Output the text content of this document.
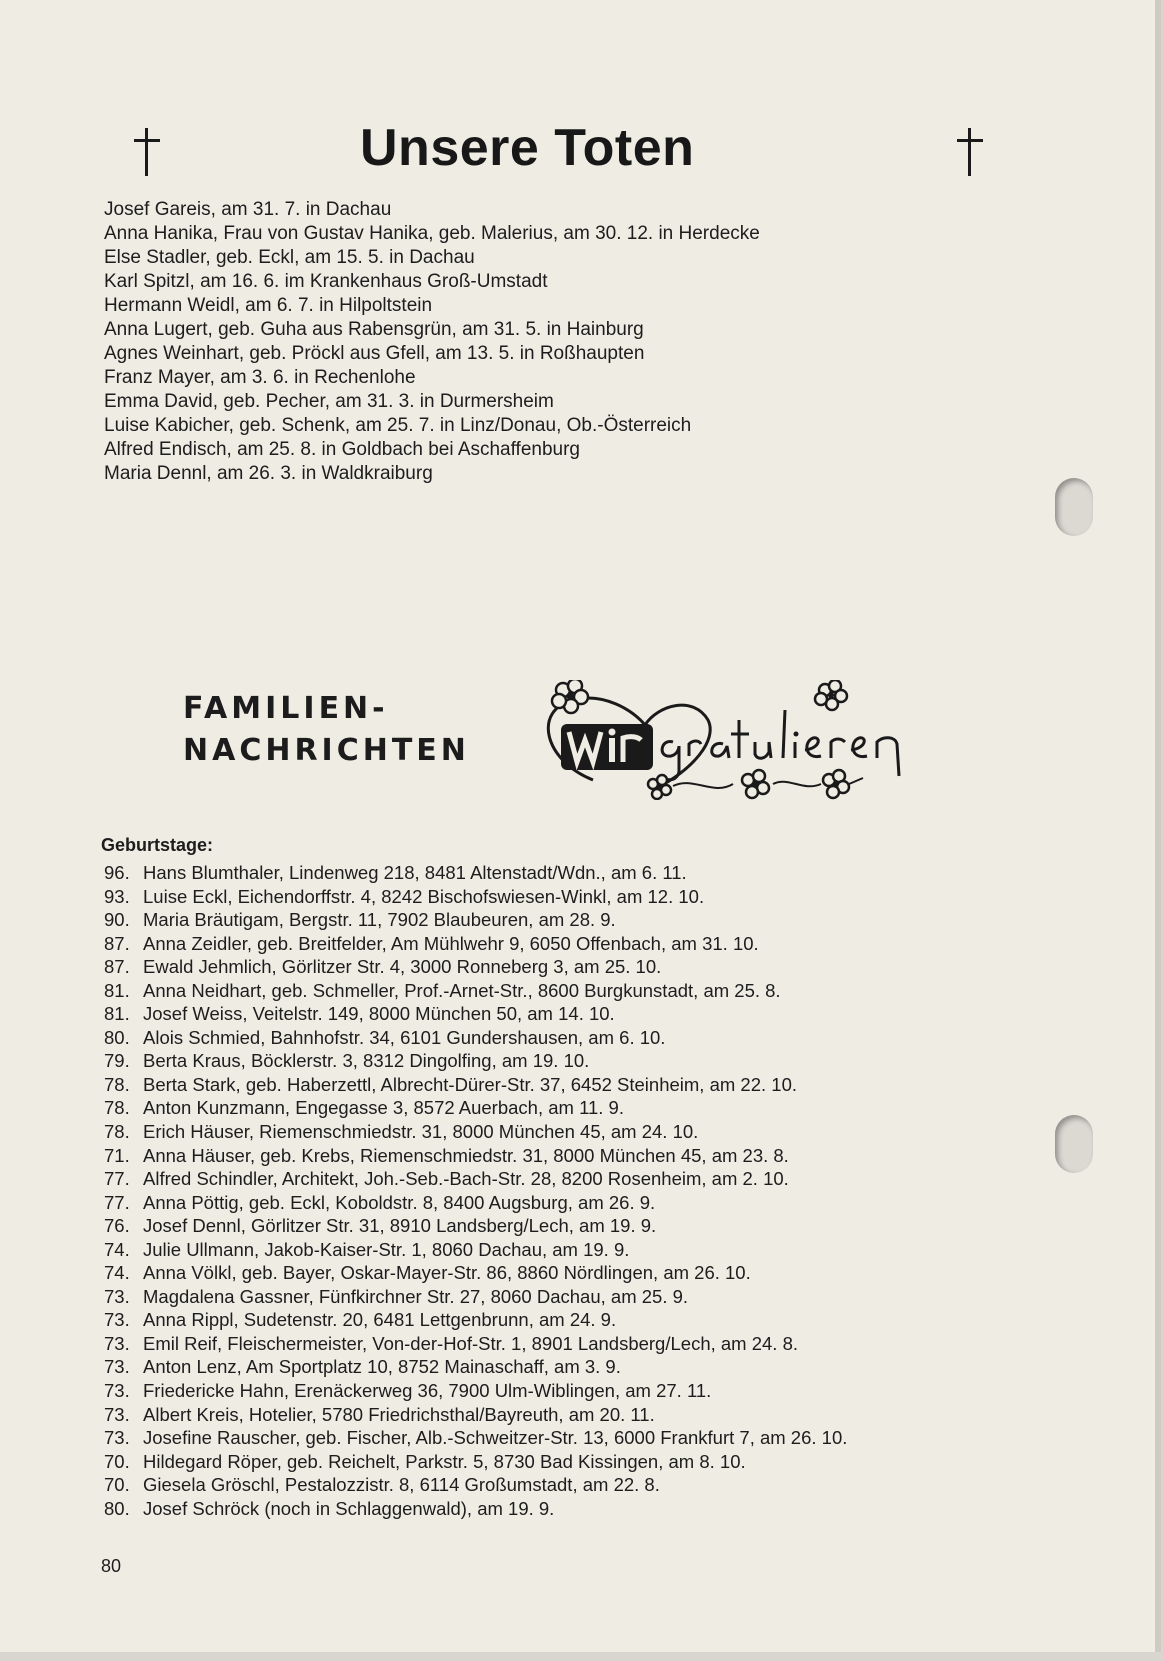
Unsere Toten
Josef Gareis, am 31. 7. in Dachau
Anna Hanika, Frau von Gustav Hanika, geb. Malerius, am 30. 12. in Herdecke
Else Stadler, geb. Eckl, am 15. 5. in Dachau
Karl Spitzl, am 16. 6. im Krankenhaus Groß-Umstadt
Hermann Weidl, am 6. 7. in Hilpoltstein
Anna Lugert, geb. Guha aus Rabensgrün, am 31. 5. in Hainburg
Agnes Weinhart, geb. Pröckl aus Gfell, am 13. 5. in Roßhaupten
Franz Mayer, am 3. 6. in Rechenlohe
Emma David, geb. Pecher, am 31. 3. in Durmersheim
Luise Kabicher, geb. Schenk, am 25. 7. in Linz/Donau, Ob.-Österreich
Alfred Endisch, am 25. 8. in Goldbach bei Aschaffenburg
Maria Dennl, am 26. 3. in Waldkraiburg
FAMILIEN-
NACHRICHTEN
Geburtstage:
96. Hans Blumthaler, Lindenweg 218, 8481 Altenstadt/Wdn., am 6. 11.
93. Luise Eckl, Eichendorffstr. 4, 8242 Bischofswiesen-Winkl, am 12. 10.
90. Maria Bräutigam, Bergstr. 11, 7902 Blaubeuren, am 28. 9.
87. Anna Zeidler, geb. Breitfelder, Am Mühlwehr 9, 6050 Offenbach, am 31. 10.
87. Ewald Jehmlich, Görlitzer Str. 4, 3000 Ronneberg 3, am 25. 10.
81. Anna Neidhart, geb. Schmeller, Prof.-Arnet-Str., 8600 Burgkunstadt, am 25. 8.
81. Josef Weiss, Veitelstr. 149, 8000 München 50, am 14. 10.
80. Alois Schmied, Bahnhofstr. 34, 6101 Gundershausen, am 6. 10.
79. Berta Kraus, Böcklerstr. 3, 8312 Dingolfing, am 19. 10.
78. Berta Stark, geb. Haberzettl, Albrecht-Dürer-Str. 37, 6452 Steinheim, am 22. 10.
78. Anton Kunzmann, Engegasse 3, 8572 Auerbach, am 11. 9.
78. Erich Häuser, Riemenschmiedstr. 31, 8000 München 45, am 24. 10.
71. Anna Häuser, geb. Krebs, Riemenschmiedstr. 31, 8000 München 45, am 23. 8.
77. Alfred Schindler, Architekt, Joh.-Seb.-Bach-Str. 28, 8200 Rosenheim, am 2. 10.
77. Anna Pöttig, geb. Eckl, Koboldstr. 8, 8400 Augsburg, am 26. 9.
76. Josef Dennl, Görlitzer Str. 31, 8910 Landsberg/Lech, am 19. 9.
74. Julie Ullmann, Jakob-Kaiser-Str. 1, 8060 Dachau, am 19. 9.
74. Anna Völkl, geb. Bayer, Oskar-Mayer-Str. 86, 8860 Nördlingen, am 26. 10.
73. Magdalena Gassner, Fünfkirchner Str. 27, 8060 Dachau, am 25. 9.
73. Anna Rippl, Sudetenstr. 20, 6481 Lettgenbrunn, am 24. 9.
73. Emil Reif, Fleischermeister, Von-der-Hof-Str. 1, 8901 Landsberg/Lech, am 24. 8.
73. Anton Lenz, Am Sportplatz 10, 8752 Mainaschaff, am 3. 9.
73. Friedericke Hahn, Erenäckerweg 36, 7900 Ulm-Wiblingen, am 27. 11.
73. Albert Kreis, Hotelier, 5780 Friedrichsthal/Bayreuth, am 20. 11.
73. Josefine Rauscher, geb. Fischer, Alb.-Schweitzer-Str. 13, 6000 Frankfurt 7, am 26. 10.
70. Hildegard Röper, geb. Reichelt, Parkstr. 5, 8730 Bad Kissingen, am 8. 10.
70. Giesela Gröschl, Pestalozzistr. 8, 6114 Großumstadt, am 22. 8.
80. Josef Schröck (noch in Schlaggenwald), am 19. 9.
80
